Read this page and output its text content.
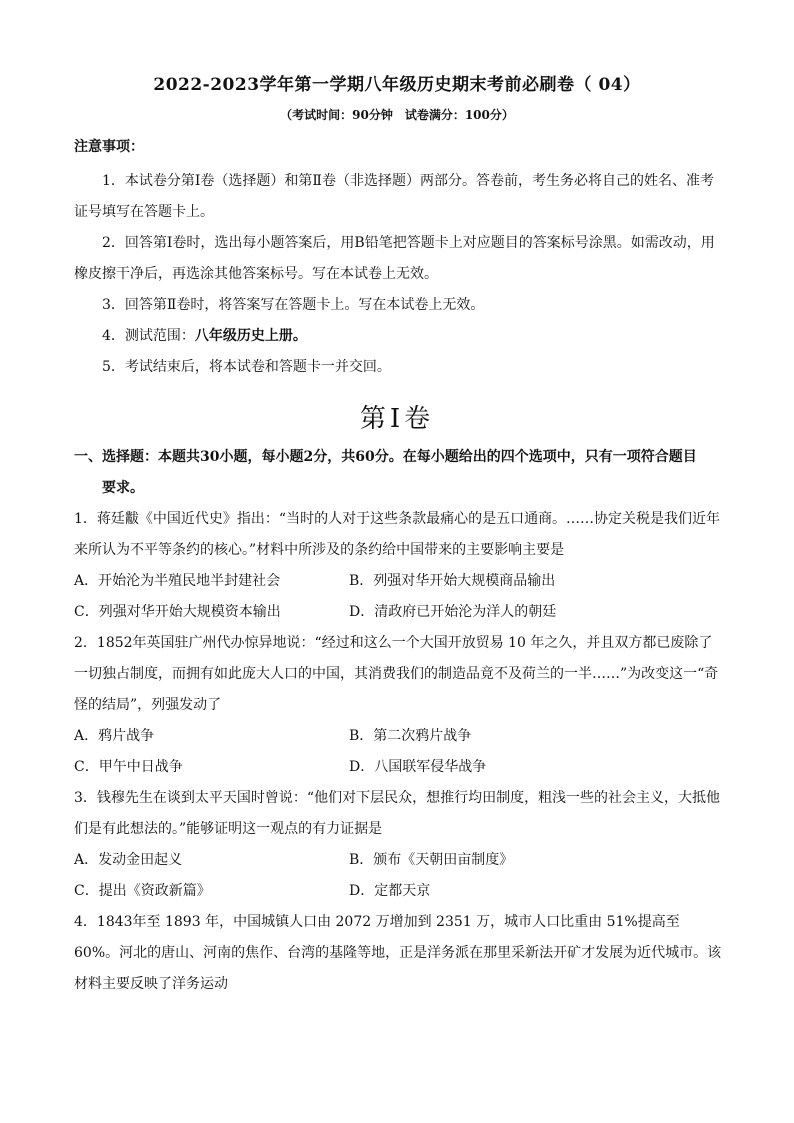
2022-2023学年第一学期八年级历史期末考前必刷卷（ 04）
（考试时间：90分钟　试卷满分：100分）
注意事项：

1．本试卷分第Ⅰ卷（选择题）和第Ⅱ卷（非选择题）两部分。答卷前，考生务必将自己的姓名、准考证号填写在答题卡上。

2．回答第Ⅰ卷时，选出每小题答案后，用B铅笔把答题卡上对应题目的答案标号涂黑。如需改动，用橡皮擦干净后，再选涂其他答案标号。写在本试卷上无效。

3．回答第Ⅱ卷时，将答案写在答题卡上。写在本试卷上无效。

4．测试范围：八年级历史上册。

5．考试结束后，将本试卷和答题卡一并交回。

第Ⅰ卷
一、选择题：本题共30小题，每小题2分，共60分。在每小题给出的四个选项中，只有一项符合题目
要求。

1．蒋廷黻《中国近代史》指出：“当时的人对于这些条款最痛心的是五口通商。……协定关税是我们近年来所认为不平等条约的核心。”材料中所涉及的条约给中国带来的主要影响主要是

A．开始沦为半殖民地半封建社会	B．列强对华开始大规模商品输出
C．列强对华开始大规模资本输出	D．清政府已开始沦为洋人的朝廷

2．1852年英国驻广州代办惊异地说：“经过和这么一个大国开放贸易 10 年之久，并且双方都已废除了一切独占制度，而拥有如此庞大人口的中国，其消费我们的制造品竟不及荷兰的一半……”为改变这一“奇怪的结局”，列强发动了

A．鸦片战争	B．第二次鸦片战争
C．甲午中日战争	D．八国联军侵华战争

3．钱穆先生在谈到太平天国时曾说：“他们对下层民众，想推行均田制度，粗浅一些的社会主义，大抵他们是有此想法的。”能够证明这一观点的有力证据是

A．发动金田起义	B．颁布《天朝田亩制度》
C．提出《资政新篇》	D．定都天京

4．1843年至 1893 年，中国城镇人口由 2072 万增加到 2351 万，城市人口比重由 51%提高至 60%。河北的唐山、河南的焦作、台湾的基隆等地，正是洋务派在那里采新法开矿才发展为近代城市。该材料主要反映了洋务运动
